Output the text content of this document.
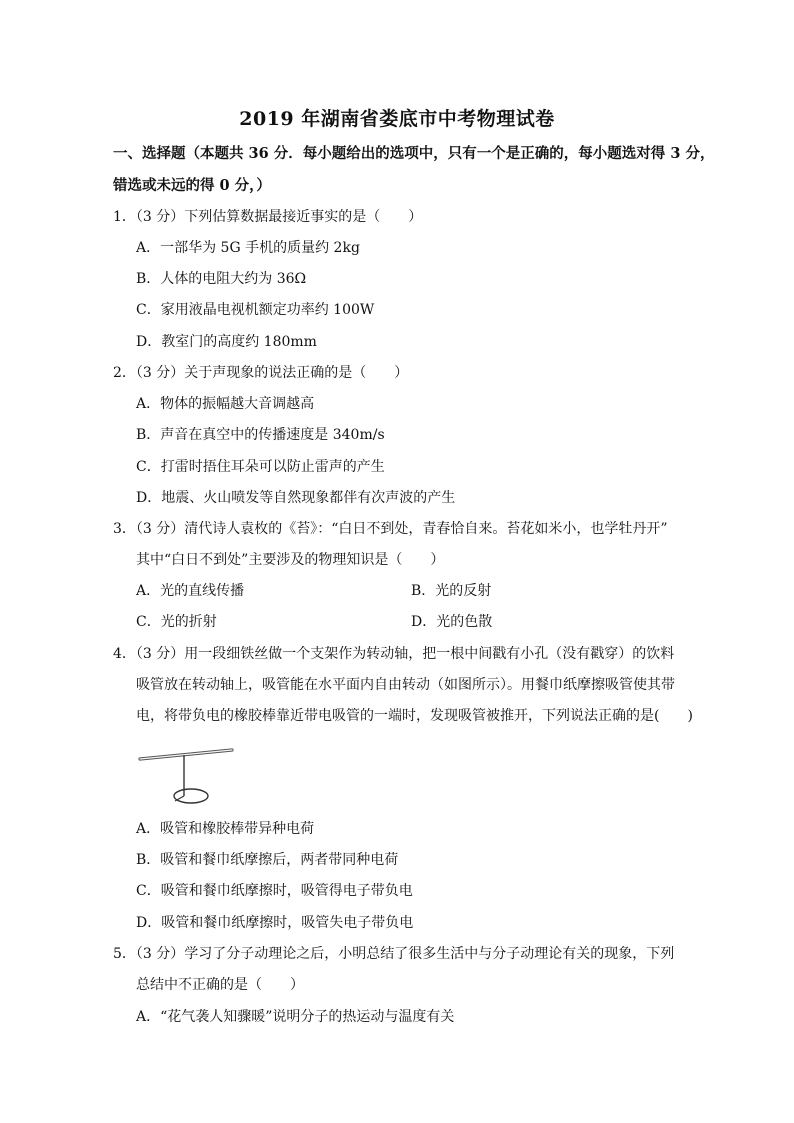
2019 年湖南省娄底市中考物理试卷
一、选择题（本题共 36 分．每小题给出的选项中，只有一个是正确的，每小题选对得 3 分，
错选或未远的得 0 分，）
1．（3 分）下列估算数据最接近事实的是（　　）
A．一部华为 5G 手机的质量约 2kg
B．人体的电阻大约为 36Ω
C．家用液晶电视机额定功率约 100W
D．教室门的高度约 180mm
2．（3 分）关于声现象的说法正确的是（　　）
A．物体的振幅越大音调越高
B．声音在真空中的传播速度是 340m/s
C．打雷时捂住耳朵可以防止雷声的产生
D．地震、火山喷发等自然现象都伴有次声波的产生
3．（3 分）清代诗人袁枚的《苔》：“白日不到处，青春恰自来。苔花如米小，也学牡丹开”
其中“白日不到处”主要涉及的物理知识是（　　）
A．光的直线传播	B．光的反射
C．光的折射	D．光的色散
4．（3 分）用一段细铁丝做一个支架作为转动轴，把一根中间戳有小孔（没有戳穿）的饮料
吸管放在转动轴上，吸管能在水平面内自由转动（如图所示）。用餐巾纸摩擦吸管使其带
电，将带负电的橡胶棒靠近带电吸管的一端时，发现吸管被推开，下列说法正确的是(　　)
A．吸管和橡胶棒带异种电荷
B．吸管和餐巾纸摩擦后，两者带同种电荷
C．吸管和餐巾纸摩擦时，吸管得电子带负电
D．吸管和餐巾纸摩擦时，吸管失电子带负电
5．（3 分）学习了分子动理论之后，小明总结了很多生活中与分子动理论有关的现象，下列
总结中不正确的是（　　）
A．“花气袭人知骤暖”说明分子的热运动与温度有关
